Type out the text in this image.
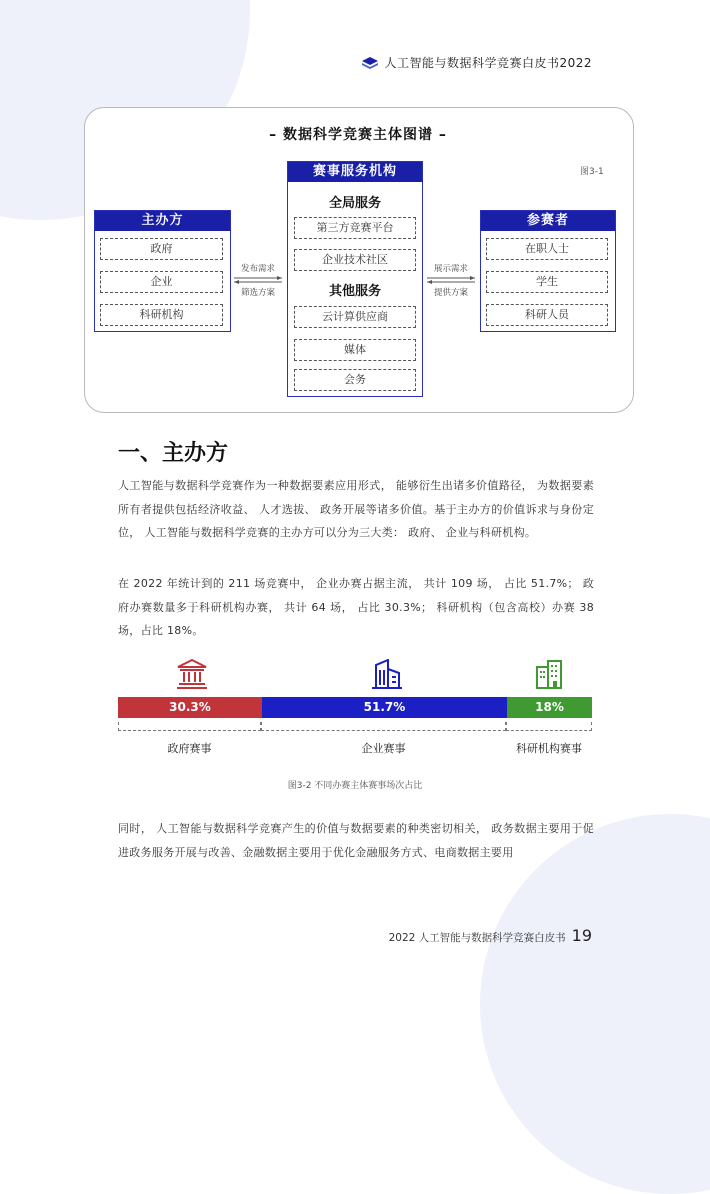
人工智能与数据科学竞赛白皮书2022
– 数据科学竞赛主体图谱 –
图3-1
主办方
政府
企业
科研机构
发布需求
筛选方案
赛事服务机构
全局服务
第三方竞赛平台
企业技术社区
其他服务
云计算供应商
媒体
会务
展示需求
提供方案
参赛者
在职人士
学生
科研人员
一、主办方
人工智能与数据科学竞赛作为一种数据要素应用形式， 能够衍生出诸多价值路径， 为数据要素所有者提供包括经济收益、 人才选拔、 政务开展等诸多价值。基于主办方的价值诉求与身份定位， 人工智能与数据科学竞赛的主办方可以分为三大类： 政府、 企业与科研机构。
在 2022 年统计到的 211 场竞赛中， 企业办赛占据主流， 共计 109 场， 占比 51.7%； 政府办赛数量多于科研机构办赛， 共计 64 场， 占比 30.3%； 科研机构（包含高校）办赛 38 场，占比 18%。
30.3%	51.7%	18%
政府赛事	企业赛事	科研机构赛事
图3-2 不同办赛主体赛事场次占比
同时， 人工智能与数据科学竞赛产生的价值与数据要素的种类密切相关， 政务数据主要用于促进政务服务开展与改善、金融数据主要用于优化金融服务方式、电商数据主要用
2022 人工智能与数据科学竞赛白皮书 19
